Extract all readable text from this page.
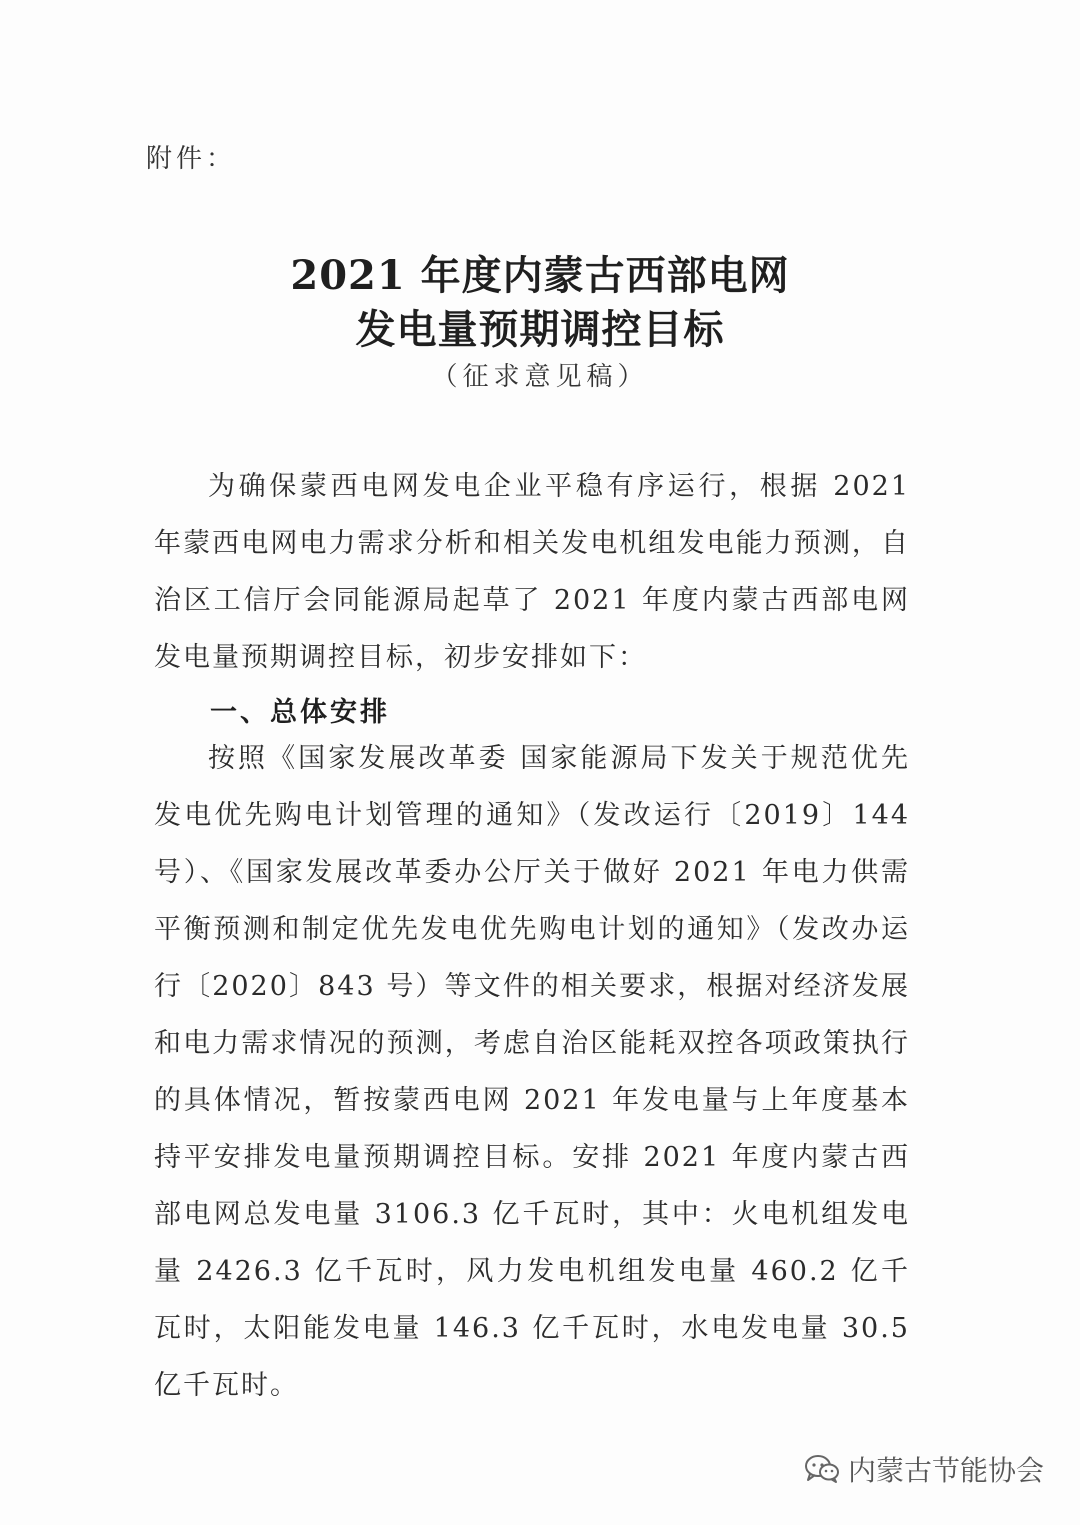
附件：
2021 年度内蒙古西部电网
发电量预期调控目标
（征求意见稿）
为确保蒙西电网发电企业平稳有序运行，根据 2021 年蒙西电网电力需求分析和相关发电机组发电能力预测，自治区工信厅会同能源局起草了 2021 年度内蒙古西部电网发电量预期调控目标，初步安排如下：
一、总体安排
按照《国家发展改革委 国家能源局下发关于规范优先发电优先购电计划管理的通知》（发改运行〔2019〕144 号）、《国家发展改革委办公厅关于做好 2021 年电力供需平衡预测和制定优先发电优先购电计划的通知》（发改办运行〔2020〕843 号）等文件的相关要求，根据对经济发展和电力需求情况的预测，考虑自治区能耗双控各项政策执行的具体情况，暂按蒙西电网 2021 年发电量与上年度基本持平安排发电量预期调控目标。安排 2021 年度内蒙古西部电网总发电量 3106.3 亿千瓦时，其中：火电机组发电量 2426.3 亿千瓦时，风力发电机组发电量 460.2 亿千瓦时，太阳能发电量 146.3 亿千瓦时，水电发电量 30.5 亿千瓦时。
内蒙古节能协会
